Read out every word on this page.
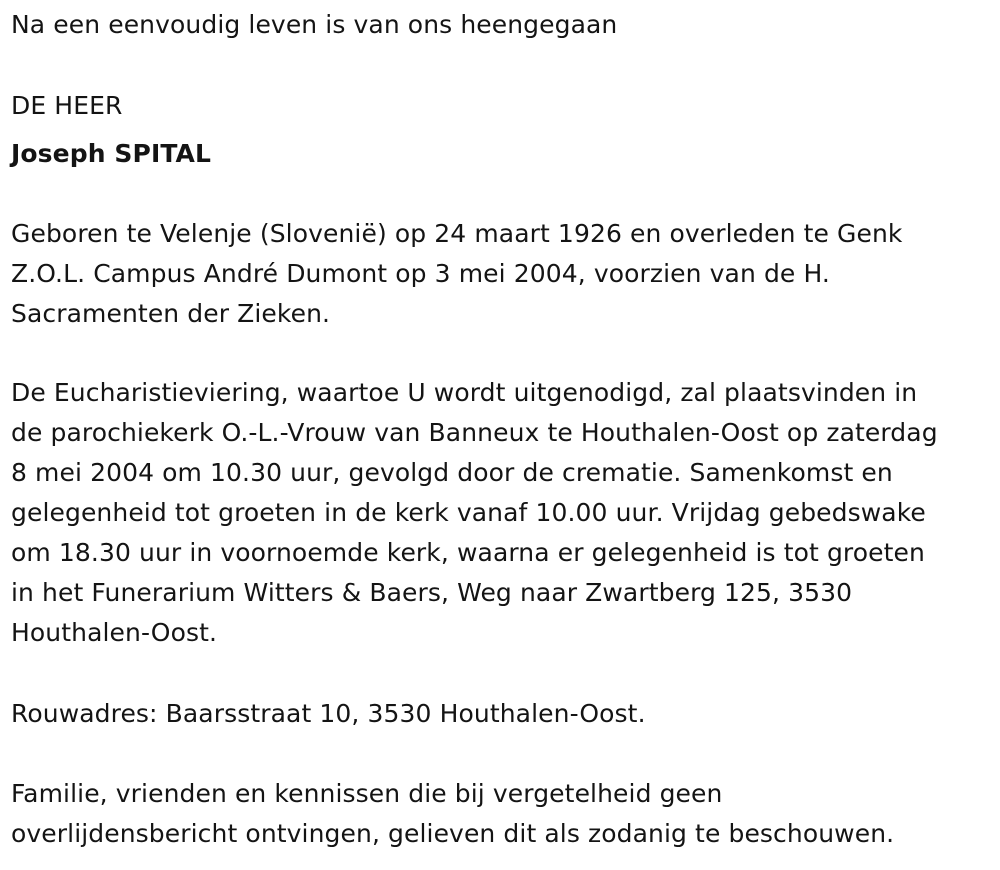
Na een eenvoudig leven is van ons heengegaan

DE HEER

Joseph SPITAL

Geboren te Velenje (Slovenië) op 24 maart 1926 en overleden te Genk
Z.O.L. Campus André Dumont op 3 mei 2004, voorzien van de H.
Sacramenten der Zieken.
De Eucharistieviering, waartoe U wordt uitgenodigd, zal plaatsvinden in
de parochiekerk O.-L.-Vrouw van Banneux te Houthalen-Oost op zaterdag
8 mei 2004 om 10.30 uur, gevolgd door de crematie. Samenkomst en
gelegenheid tot groeten in de kerk vanaf 10.00 uur. Vrijdag gebedswake
om 18.30 uur in voornoemde kerk, waarna er gelegenheid is tot groeten
in het Funerarium Witters & Baers, Weg naar Zwartberg 125, 3530
Houthalen-Oost.
Rouwadres: Baarsstraat 10, 3530 Houthalen-Oost.
Familie, vrienden en kennissen die bij vergetelheid geen
overlijdensbericht ontvingen, gelieven dit als zodanig te beschouwen.
